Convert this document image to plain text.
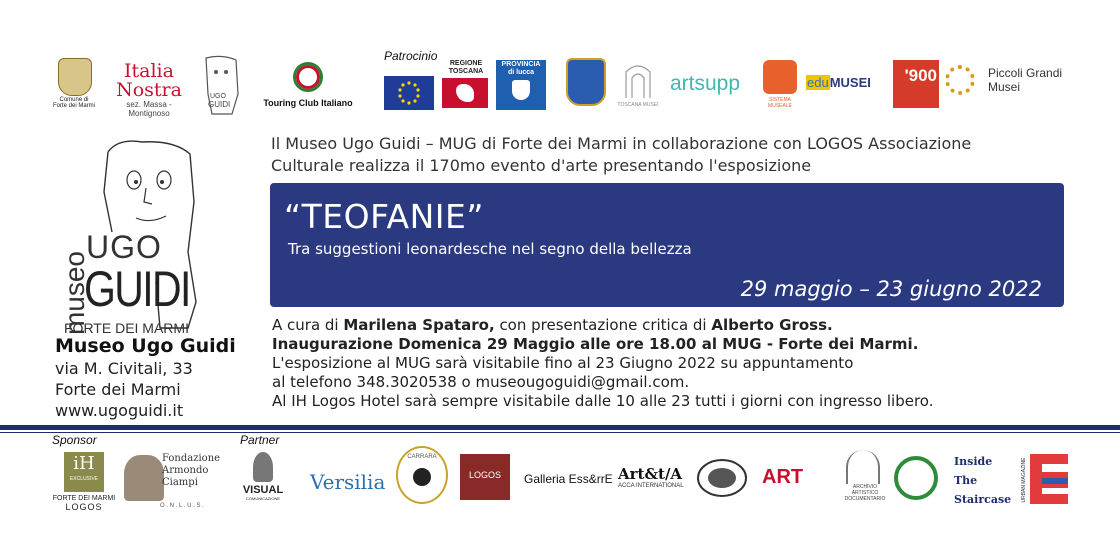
Comune di
Forte dei Marmi
Italia
Nostra
sez. Massa - Montignoso
UGO
GUIDI	Touring Club Italiano
Patrocinio
REGIONE
TOSCANA
PROVINCIA
di lucca
TOSCANA MUSEI
artsupp
SISTEMA MUSEALE
eduMUSEI	'900	Piccoli Grandi
Musei
museo
UGO
GUIDI
FORTE DEI MARMI
Museo Ugo Guidi
via M. Civitali, 33
Forte dei Marmi
www.ugoguidi.it
Il Museo Ugo Guidi – MUG di Forte dei Marmi in collaborazione con LOGOS Associazione
Culturale realizza il 170mo evento d'arte presentando l'esposizione
“TEOFANIE”
Tra suggestioni leonardesche nel segno della bellezza
29 maggio – 23 giugno 2022
A cura di Marilena Spataro, con presentazione critica di Alberto Gross.
Inaugurazione Domenica 29 Maggio alle ore 18.00 al MUG - Forte dei Marmi.
L'esposizione al MUG sarà visitabile fino al 23 Giugno 2022 su appuntamento
al telefono 348.3020538 o museougoguidi@gmail.com.
Al IH Logos Hotel sarà sempre visitabile dalle 10 alle 23 tutti i giorni con ingresso libero.
Sponsor	Partner
iH
EXCLUSIVE
FORTE DEI MARMI
LOGOS
Fondazione
Armondo
Ciampi
O . N . L . U . S .
VISUAL
COMUNICAZIONE
Versilia
CARRARA
LOGOS	Galleria Ess&rrE Art&t/A
ACCA INTERNATIONAL	ART	ARCHIVIO
ARTISTICO
DOCUMENTARIO
Inside
The
Staircase URBAN MAGAZINE
